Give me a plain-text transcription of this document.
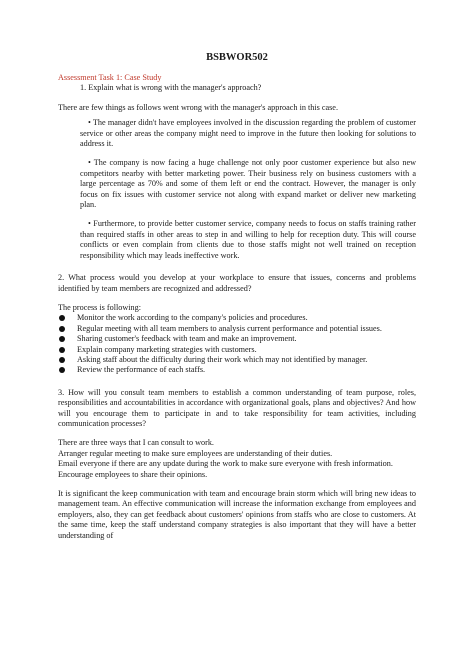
BSBWOR502

Assessment Task 1: Case Study

1. Explain what is wrong with the manager's approach?

There are few things as follows went wrong with the manager's approach in this case.

• The manager didn't have employees involved in the discussion regarding the problem of customer service or other areas the company might need to improve in the future then looking for solutions to address it.

• The company is now facing a huge challenge not only poor customer experience but also new competitors nearby with better marketing power. Their business rely on business customers with a large percentage as 70% and some of them left or end the contract. However, the manager is only focus on fix issues with customer service not along with expand market or deliver new marketing plan.

• Furthermore, to provide better customer service, company needs to focus on staffs training rather than required staffs in other areas to step in and willing to help for reception duty. This will course conflicts or even complain from clients due to those staffs might not well trained on reception responsibility which may leads ineffective work.

2. What process would you develop at your workplace to ensure that issues, concerns and problems identified by team members are recognized and addressed?

The process is following:

Monitor the work according to the company's policies and procedures.
Regular meeting with all team members to analysis current performance and potential issues.
Sharing customer's feedback with team and make an improvement.
Explain company marketing strategies with customers.
Asking staff about the difficulty during their work which may not identified by manager.
Review the performance of each staffs.

3. How will you consult team members to establish a common understanding of team purpose, roles, responsibilities and accountabilities in accordance with organizational goals, plans and objectives? And how will you encourage them to participate in and to take responsibility for team activities, including communication processes?

There are three ways that I can consult to work.

Arranger regular meeting to make sure employees are understanding of their duties.

Email everyone if there are any update during the work to make sure everyone with fresh information.

Encourage employees to share their opinions.

It is significant the keep communication with team and encourage brain storm which will bring new ideas to management team. An effective communication will increase the information exchange from employees and employers, also, they can get feedback about customers' opinions from staffs who are close to customers. At the same time, keep the staff understand company strategies is also important that they will have a better understanding of
